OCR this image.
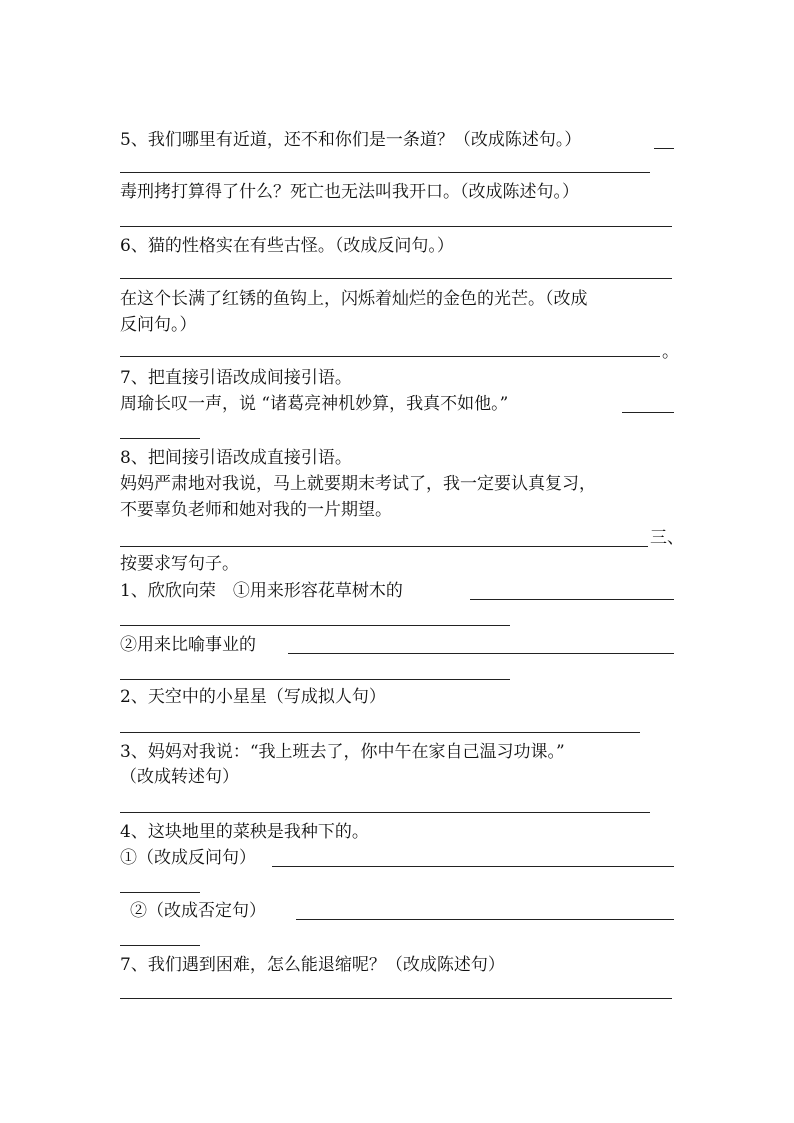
5、我们哪里有近道，还不和你们是一条道？（改成陈述句。）
毒刑拷打算得了什么？死亡也无法叫我开口。（改成陈述句。）
6、猫的性格实在有些古怪。（改成反问句。）
在这个长满了红锈的鱼钩上，闪烁着灿烂的金色的光芒。（改成
反问句。）
。
7、把直接引语改成间接引语。
周瑜长叹一声，说 “诸葛亮神机妙算，我真不如他。”
8、把间接引语改成直接引语。
妈妈严肃地对我说，马上就要期末考试了，我一定要认真复习，
不要辜负老师和她对我的一片期望。
三、
按要求写句子。
1、欣欣向荣　①用来形容花草树木的
②用来比喻事业的
2、天空中的小星星（写成拟人句）
3、妈妈对我说：“我上班去了，你中午在家自己温习功课。”
（改成转述句）
4、这块地里的菜秧是我种下的。
①（改成反问句）
②（改成否定句）
7、我们遇到困难，怎么能退缩呢？（改成陈述句）
